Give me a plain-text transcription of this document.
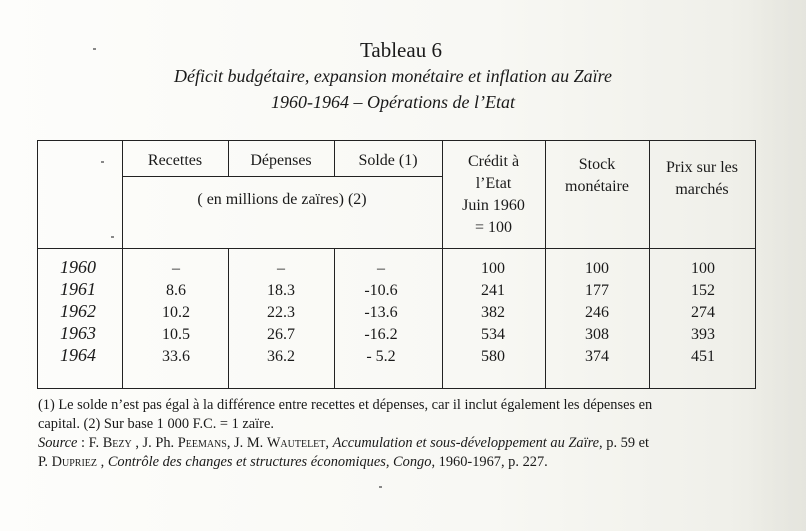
Tableau 6
Déficit budgétaire, expansion monétaire et inflation au Zaïre
1960-1964 – Opérations de l’Etat
Recettes	Dépenses	Solde (1)
( en millions de zaïres) (2)
Crédit à
l’Etat
Juin 1960
= 100
Stock
monétaire
Prix sur les
marchés
1960	–	–	–	100	100	100
1961	8.6	18.3	-10.6	241	177	152
1962	10.2	22.3	-13.6	382	246	274
1963	10.5	26.7	-16.2	534	308	393
1964	33.6	36.2	- 5.2	580	374	451
(1) Le solde n’est pas égal à la différence entre recettes et dépenses, car il inclut également les dépenses en
capital. (2) Sur base 1 000 F.C. = 1 zaïre.
Source : F. Bezy , J. Ph. Peemans, J. M. Wautelet, Accumulation et sous-développement au Zaïre, p. 59 et
P. Dupriez , Contrôle des changes et structures économiques, Congo, 1960-1967, p. 227.
